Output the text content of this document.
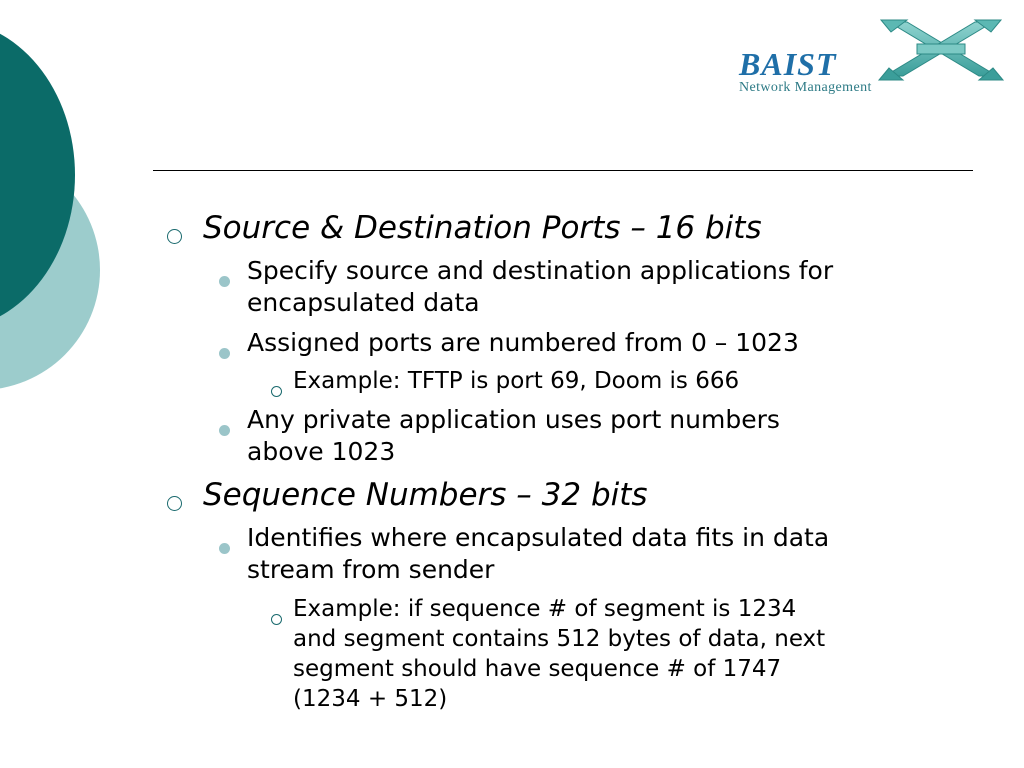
BAIST
Network Management
Source & Destination Ports – 16 bits
Specify source and destination applications for
encapsulated data
Assigned ports are numbered from 0 – 1023
Example: TFTP is port 69, Doom is 666
Any private application uses port numbers
above 1023
Sequence Numbers – 32 bits
Identifies where encapsulated data fits in data
stream from sender
Example: if sequence # of segment is 1234
and segment contains 512 bytes of data, next
segment should have sequence # of 1747
(1234 + 512)
